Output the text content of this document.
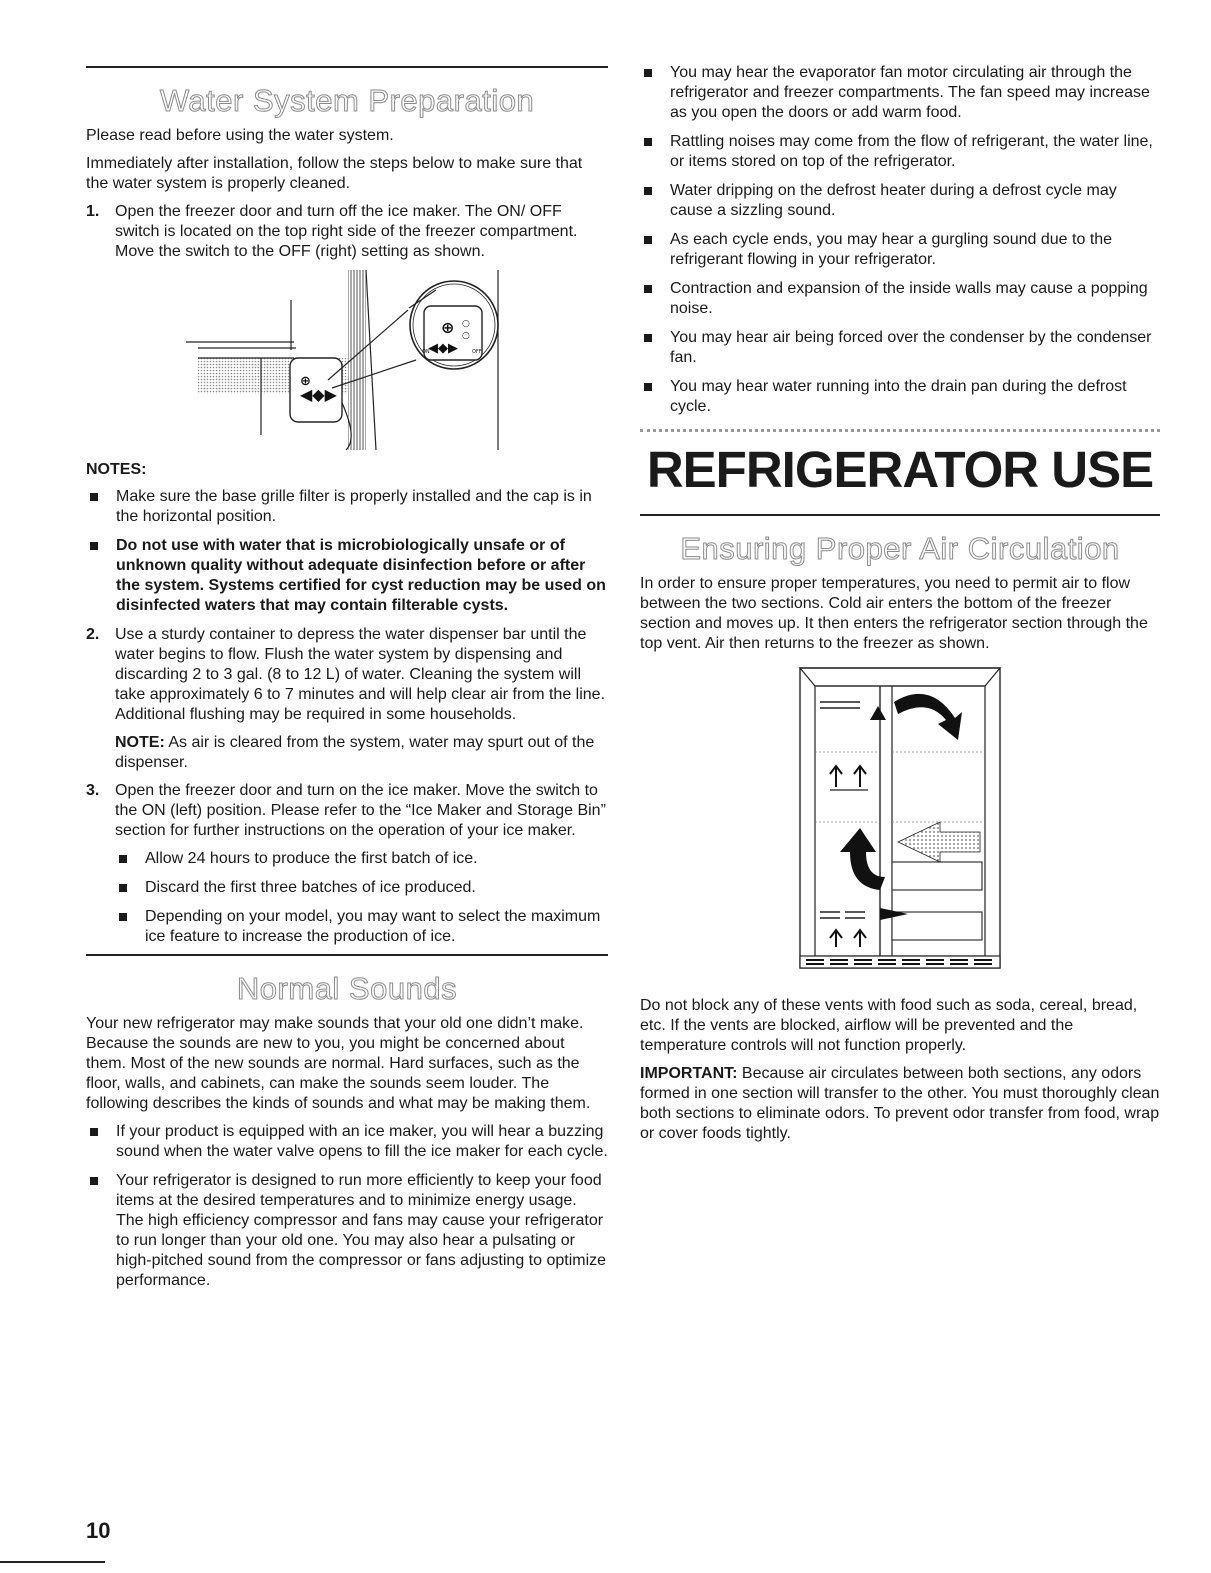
Water System Preparation

Please read before using the water system.

Immediately after installation, follow the steps below to make sure that the water system is properly cleaned.

1. Open the freezer door and turn off the ice maker. The ON/ OFF switch is located on the top right side of the freezer compartment. Move the switch to the OFF (right) setting as shown.
◀◆▶
⊕
⊕ ○
○
◀◆▶
ON	OFF
NOTES:
Make sure the base grille filter is properly installed and the cap is in the horizontal position.
Do not use with water that is microbiologically unsafe or of unknown quality without adequate disinfection before or after the system. Systems certified for cyst reduction may be used on disinfected waters that may contain filterable cysts.
2. Use a sturdy container to depress the water dispenser bar until the water begins to flow. Flush the water system by dispensing and discarding 2 to 3 gal. (8 to 12 L) of water. Cleaning the system will take approximately 6 to 7 minutes and will help clear air from the line. Additional flushing may be required in some households.
NOTE: As air is cleared from the system, water may spurt out of the dispenser.
3. Open the freezer door and turn on the ice maker. Move the switch to the ON (left) position. Please refer to the “Ice Maker and Storage Bin” section for further instructions on the operation of your ice maker.
Allow 24 hours to produce the first batch of ice.
Discard the first three batches of ice produced.
Depending on your model, you may want to select the maximum ice feature to increase the production of ice.
Normal Sounds

Your new refrigerator may make sounds that your old one didn’t make. Because the sounds are new to you, you might be concerned about them. Most of the new sounds are normal. Hard surfaces, such as the floor, walls, and cabinets, can make the sounds seem louder. The following describes the kinds of sounds and what may be making them.

If your product is equipped with an ice maker, you will hear a buzzing sound when the water valve opens to fill the ice maker for each cycle.
Your refrigerator is designed to run more efficiently to keep your food items at the desired temperatures and to minimize energy usage. The high efficiency compressor and fans may cause your refrigerator to run longer than your old one. You may also hear a pulsating or high-pitched sound from the compressor or fans adjusting to optimize performance.
You may hear the evaporator fan motor circulating air through the refrigerator and freezer compartments. The fan speed may increase as you open the doors or add warm food.
Rattling noises may come from the flow of refrigerant, the water line, or items stored on top of the refrigerator.
Water dripping on the defrost heater during a defrost cycle may cause a sizzling sound.
As each cycle ends, you may hear a gurgling sound due to the refrigerant flowing in your refrigerator.
Contraction and expansion of the inside walls may cause a popping noise.
You may hear air being forced over the condenser by the condenser fan.
You may hear water running into the drain pan during the defrost cycle.
REFRIGERATOR USE
Ensuring Proper Air Circulation

In order to ensure proper temperatures, you need to permit air to flow between the two sections. Cold air enters the bottom of the freezer section and moves up. It then enters the refrigerator section through the top vent. Air then returns to the freezer as shown.

Do not block any of these vents with food such as soda, cereal, bread, etc. If the vents are blocked, airflow will be prevented and the temperature controls will not function properly.

IMPORTANT: Because air circulates between both sections, any odors formed in one section will transfer to the other. You must thoroughly clean both sections to eliminate odors. To prevent odor transfer from food, wrap or cover foods tightly.

10
